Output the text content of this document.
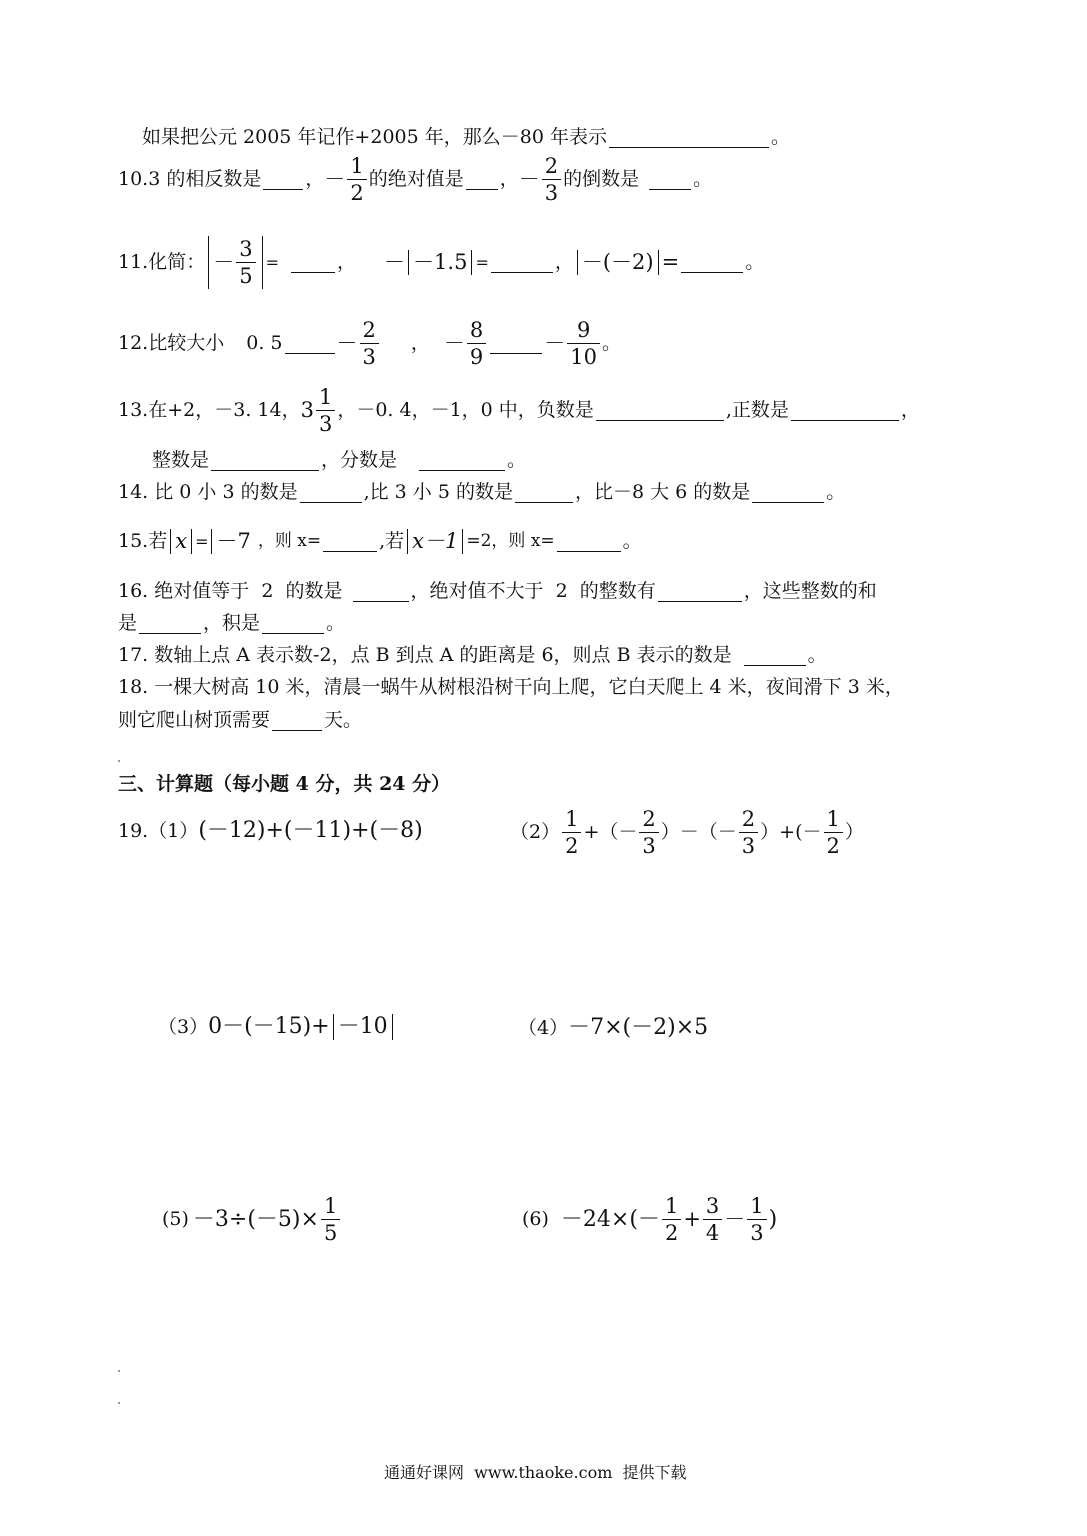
如果把公元 2005 年记作+2005 年，那么－80 年表示	。
10. 3 的相反数是 ， － $\frac{1}{2}$ 的绝对值是 ， － $\frac{2}{3}$ 的倒数是	。
11. 化简： － $\frac{3}{5}$ =	， － －1.5 =	， －(－2) =	。
12. 比较大小 0. 5	－ $\frac{2}{3}$ ， － $\frac{8}{9}$	－ $\frac{9}{10}$ 。
13. 在+2，－3. 14， $3 \frac{1}{3}$ ，－0. 4，－1，0 中，负数是	,正数是	，
整数是	，分数是	。
14. 比 0 小 3 的数是	,比 3 小 5 的数是	，比－8 大 6 的数是	。
15. 若 x = －7 ，则 x=	,若 x－1 =2，则 x=	。
16. 绝对值等于  2  的数是	，绝对值不大于  2  的整数有	，这些整数的和
是	，积是	。
17. 数轴上点 A 表示数-2，点 B 到点 A 的距离是 6，则点 B 表示的数是	。
18. 一棵大树高 10 米，清晨一蜗牛从树根沿树干向上爬，它白天爬上 4 米，夜间滑下 3 米，
则它爬山树顶需要	天。
三、计算题（每小题 4 分，共 24 分）
19. （1） (－12)+(－11)+(－8)	$(2) \frac{1}{2}$ +（－ $\frac{2}{3}$ ）－（－ $\frac{2}{3}$ ）+(－ $\frac{1}{2}$ ）
（3） 0－(－15)+ －10	（4） －7×(－2)×5
$(5) -3\div(-5)\times \frac{1}{5}$	$(6) -24\times(- \frac{1}{2} + \frac{3}{4} - \frac{1}{3}$ )
通通好课网  www.thaoke.com  提供下载
